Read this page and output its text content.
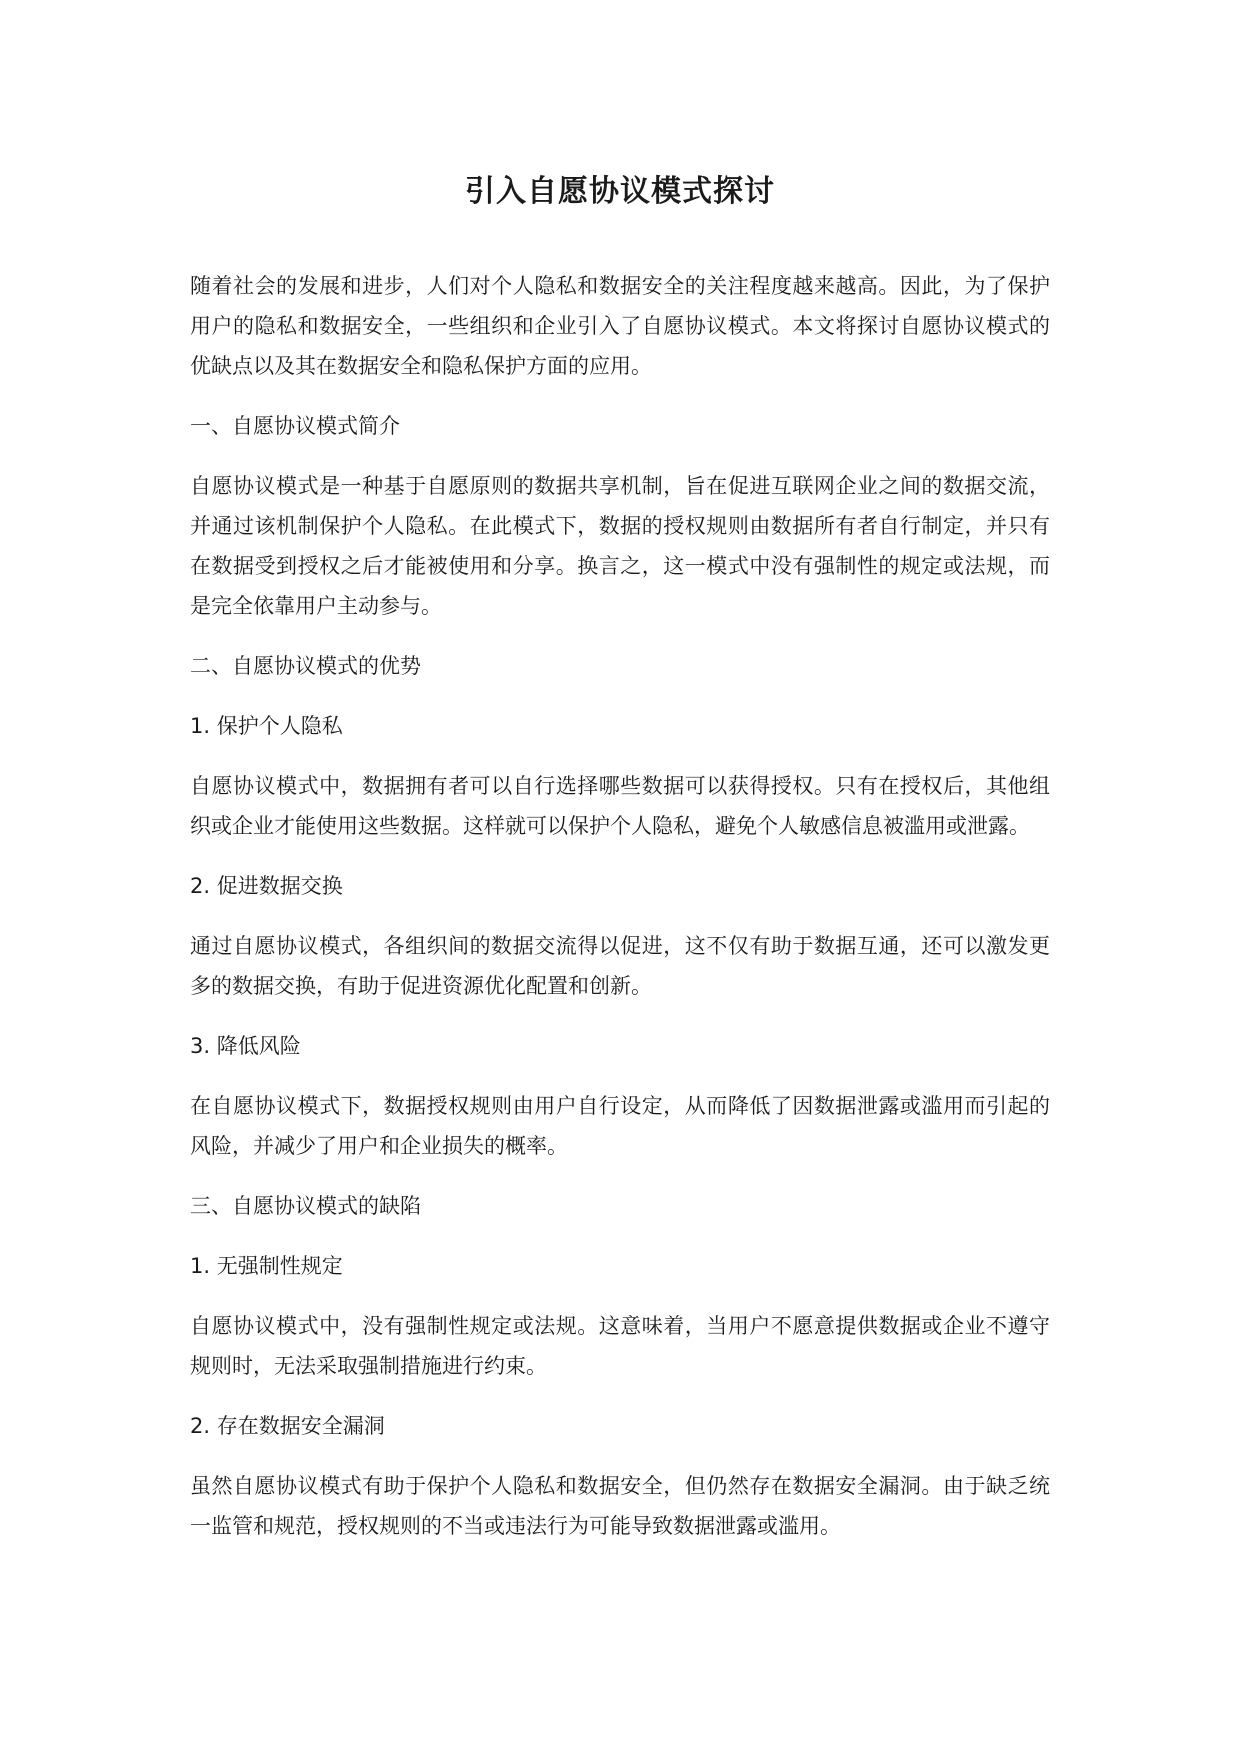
引入自愿协议模式探讨

随着社会的发展和进步，人们对个人隐私和数据安全的关注程度越来越高。因此，为了保护用户的隐私和数据安全，一些组织和企业引入了自愿协议模式。本文将探讨自愿协议模式的优缺点以及其在数据安全和隐私保护方面的应用。

一、自愿协议模式简介

自愿协议模式是一种基于自愿原则的数据共享机制，旨在促进互联网企业之间的数据交流，并通过该机制保护个人隐私。在此模式下，数据的授权规则由数据所有者自行制定，并只有在数据受到授权之后才能被使用和分享。换言之，这一模式中没有强制性的规定或法规，而是完全依靠用户主动参与。

二、自愿协议模式的优势

1. 保护个人隐私

自愿协议模式中，数据拥有者可以自行选择哪些数据可以获得授权。只有在授权后，其他组织或企业才能使用这些数据。这样就可以保护个人隐私，避免个人敏感信息被滥用或泄露。

2. 促进数据交换

通过自愿协议模式，各组织间的数据交流得以促进，这不仅有助于数据互通，还可以激发更多的数据交换，有助于促进资源优化配置和创新。

3. 降低风险

在自愿协议模式下，数据授权规则由用户自行设定，从而降低了因数据泄露或滥用而引起的风险，并减少了用户和企业损失的概率。

三、自愿协议模式的缺陷

1. 无强制性规定

自愿协议模式中，没有强制性规定或法规。这意味着，当用户不愿意提供数据或企业不遵守规则时，无法采取强制措施进行约束。

2. 存在数据安全漏洞

虽然自愿协议模式有助于保护个人隐私和数据安全，但仍然存在数据安全漏洞。由于缺乏统一监管和规范，授权规则的不当或违法行为可能导致数据泄露或滥用。
